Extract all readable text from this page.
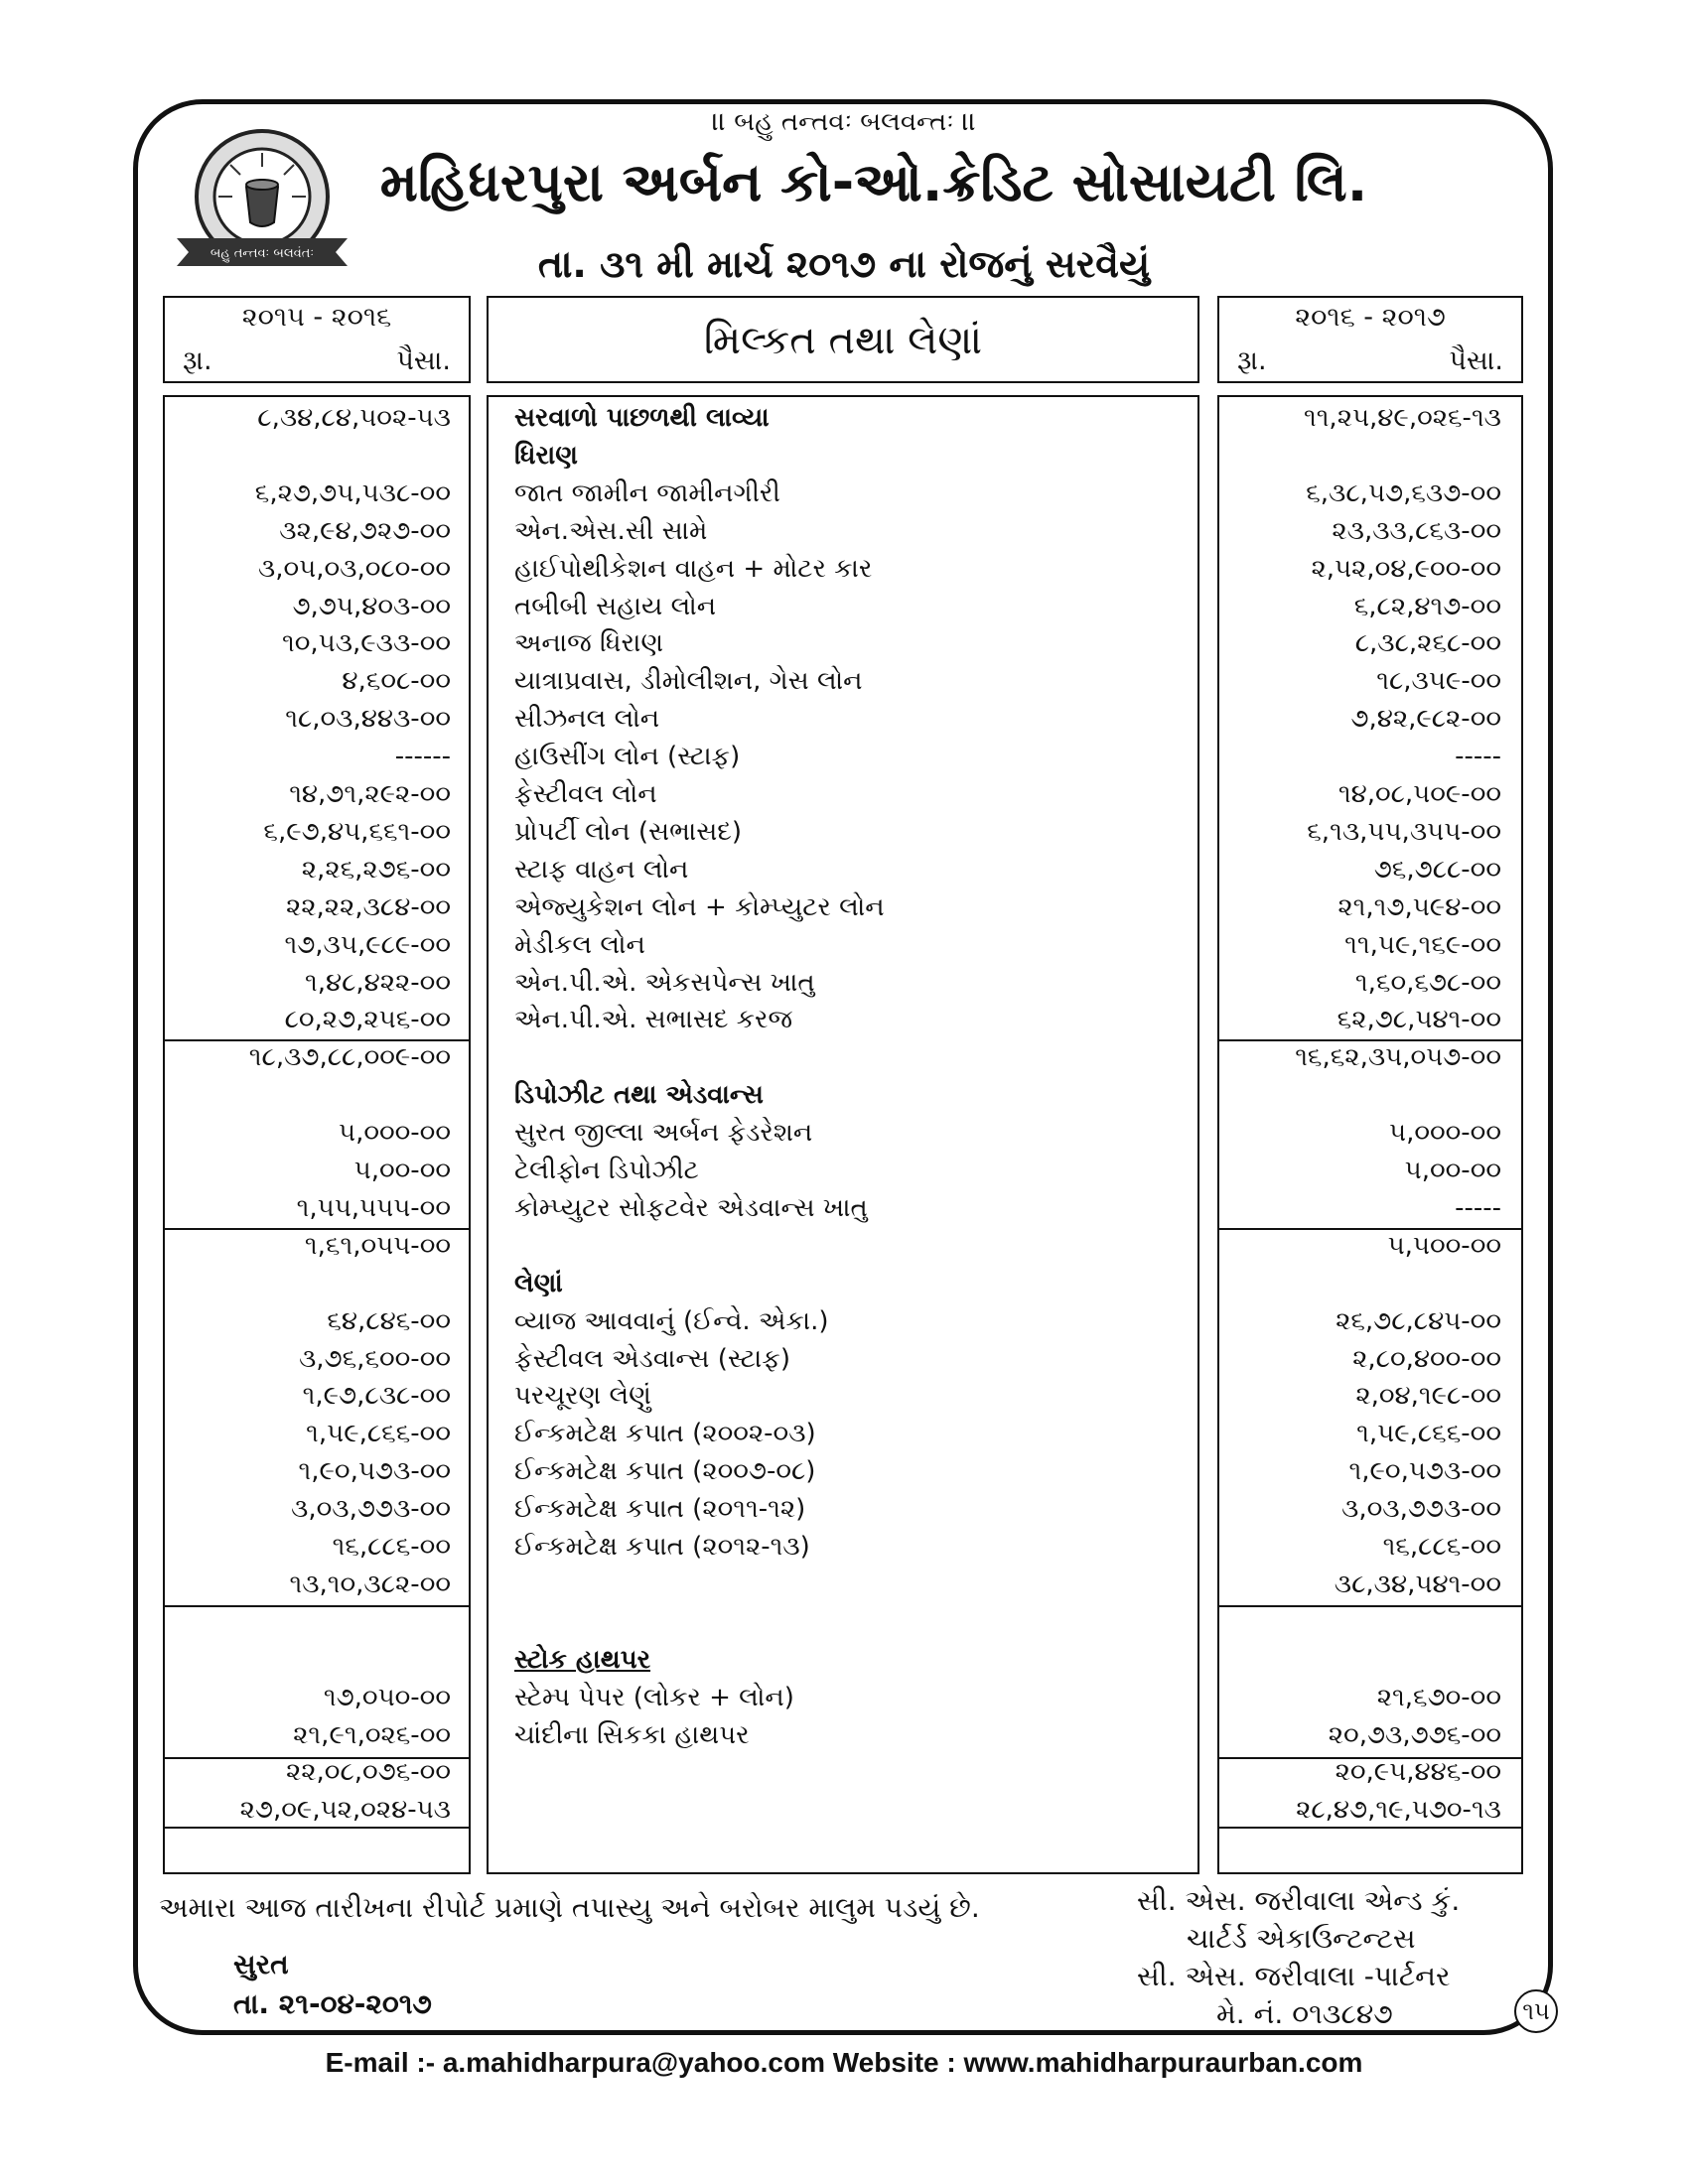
।। બહુ તન્તવઃ બલવન્તઃ ।।
બહુ તન્તવઃ બલવંતઃ
મહિધરપુરા અર્બન કો-ઓ.ક્રેડિટ સોસાયટી લિ.
તા. ૩૧ મી માર્ચ ૨૦૧૭ ના રોજનું સરવૈયું
૨૦૧૫ - ૨૦૧૬
રૂા.	પૈસા.	મિલ્કત તથા લેણાં
૨૦૧૬ - ૨૦૧૭
રૂા.	પૈસા.
૮,૩૪,૮૪,૫૦૨-૫૩ સરવાળો પાછળથી લાવ્યા	૧૧,૨૫,૪૯,૦૨૬-૧૩
ધિરાણ
૬,૨૭,૭૫,૫૩૮-૦૦ જાત જામીન જામીનગીરી	૬,૩૮,૫૭,૬૩૭-૦૦
૩૨,૯૪,૭૨૭-૦૦ એન.એસ.સી સામે	૨૩,૩૩,૮૬૩-૦૦
૩,૦૫,૦૩,૦૮૦-૦૦ હાઈપોથીકેશન વાહન + મોટર કાર	૨,૫૨,૦૪,૯૦૦-૦૦
૭,૭૫,૪૦૩-૦૦ તબીબી સહાય લોન	૬,૮૨,૪૧૭-૦૦
૧૦,૫૩,૯૩૩-૦૦ અનાજ ધિરાણ	૮,૩૮,૨૬૮-૦૦
૪,૬૦૮-૦૦ યાત્રાપ્રવાસ, ડીમોલીશન, ગેસ લોન	૧૮,૩૫૯-૦૦
૧૮,૦૩,૪૪૩-૦૦ સીઝનલ લોન	૭,૪૨,૯૮૨-૦૦
------ હાઉસીંગ લોન (સ્ટાફ)	-----
૧૪,૭૧,૨૯૨-૦૦ ફેસ્ટીવલ લોન	૧૪,૦૮,૫૦૯-૦૦
૬,૯૭,૪૫,૬૬૧-૦૦ પ્રોપર્ટી લોન (સભાસદ)	૬,૧૩,૫૫,૩૫૫-૦૦
૨,૨૬,૨૭૬-૦૦ સ્ટાફ વાહન લોન	૭૬,૭૮૮-૦૦
૨૨,૨૨,૩૮૪-૦૦ એજ્યુકેશન લોન + કોમ્પ્યુટર લોન	૨૧,૧૭,૫૯૪-૦૦
૧૭,૩૫,૯૮૯-૦૦ મેડીકલ લોન	૧૧,૫૯,૧૬૯-૦૦
૧,૪૮,૪૨૨-૦૦ એન.પી.એ. એકસપેન્સ ખાતુ	૧,૬૦,૬૭૮-૦૦
૮૦,૨૭,૨૫૬-૦૦ એન.પી.એ. સભાસદ કરજ	૬૨,૭૮,૫૪૧-૦૦
૧૮,૩૭,૮૮,૦૦૯-૦૦	૧૬,૬૨,૩૫,૦૫૭-૦૦
ડિપોઝીટ તથા એડવાન્સ
૫,૦૦૦-૦૦ સુરત જીલ્લા અર્બન ફેડરેશન	૫,૦૦૦-૦૦
૫,૦૦-૦૦ ટેલીફોન ડિપોઝીટ	૫,૦૦-૦૦
૧,૫૫,૫૫૫-૦૦ કોમ્પ્યુટર સોફટવેર એડવાન્સ ખાતુ	-----
૧,૬૧,૦૫૫-૦૦	૫,૫૦૦-૦૦
લેણાં
૬૪,૮૪૬-૦૦ વ્યાજ આવવાનું (ઈન્વે. એકા.)	૨૬,૭૮,૮૪૫-૦૦
૩,૭૬,૬૦૦-૦૦ ફેસ્ટીવલ એડવાન્સ (સ્ટાફ)	૨,૮૦,૪૦૦-૦૦
૧,૯૭,૮૩૮-૦૦ પરચૂરણ લેણું	૨,૦૪,૧૯૮-૦૦
૧,૫૯,૮૬૬-૦૦ ઈન્કમટેક્ષ કપાત (૨૦૦૨-૦૩)	૧,૫૯,૮૬૬-૦૦
૧,૯૦,૫૭૩-૦૦ ઈન્કમટેક્ષ કપાત (૨૦૦૭-૦૮)	૧,૯૦,૫૭૩-૦૦
૩,૦૩,૭૭૩-૦૦ ઈન્કમટેક્ષ કપાત (૨૦૧૧-૧૨)	૩,૦૩,૭૭૩-૦૦
૧૬,૮૮૬-૦૦ ઈન્કમટેક્ષ કપાત (૨૦૧૨-૧૩)	૧૬,૮૮૬-૦૦
૧૩,૧૦,૩૮૨-૦૦	૩૮,૩૪,૫૪૧-૦૦
સ્ટોક હાથપર
૧૭,૦૫૦-૦૦ સ્ટેમ્પ પેપર (લોકર + લોન)	૨૧,૬૭૦-૦૦
૨૧,૯૧,૦૨૬-૦૦ ચાંદીના સિકકા હાથપર	૨૦,૭૩,૭૭૬-૦૦
૨૨,૦૮,૦૭૬-૦૦	૨૦,૯૫,૪૪૬-૦૦
૨૭,૦૯,૫૨,૦૨૪-૫૩	૨૮,૪૭,૧૯,૫૭૦-૧૩
અમારા આજ તારીખના રીપોર્ટ પ્રમાણે તપાસ્યુ અને બરોબર માલુમ પડયું છે.
સુરત
તા. ૨૧-૦૪-૨૦૧૭
સી. એસ. જરીવાલા એન્ડ કું.
ચાર્ટર્ડ એકાઉન્ટન્ટસ
સી. એસ. જરીવાલા -પાર્ટનર
મે. નં. ૦૧૩૮૪૭	૧૫
E-mail :- a.mahidharpura@yahoo.com Website : www.mahidharpuraurban.com
